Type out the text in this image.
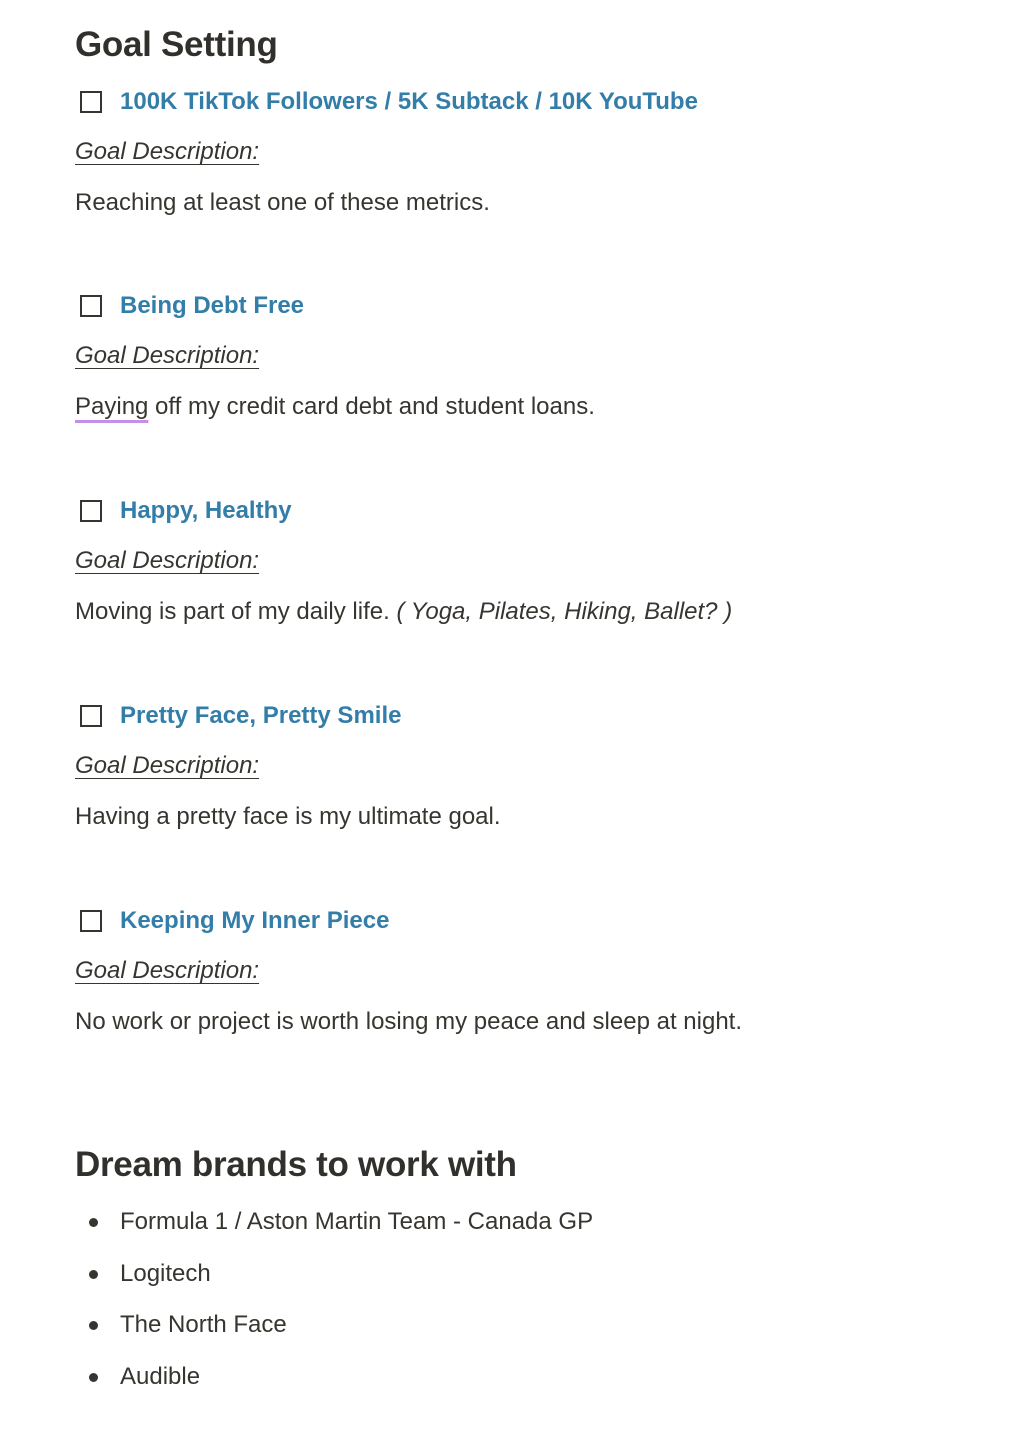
Goal Setting
100K TikTok Followers / 5K Subtack / 10K YouTube
Goal Description:
Reaching at least one of these metrics.
Being Debt Free
Goal Description:
Paying off my credit card debt and student loans.
Happy, Healthy
Goal Description:
Moving is part of my daily life. ( Yoga, Pilates, Hiking, Ballet? )
Pretty Face, Pretty Smile
Goal Description:
Having a pretty face is my ultimate goal.
Keeping My Inner Piece
Goal Description:
No work or project is worth losing my peace and sleep at night.
Dream brands to work with
Formula 1 / Aston Martin Team - Canada GP
Logitech
The North Face
Audible
